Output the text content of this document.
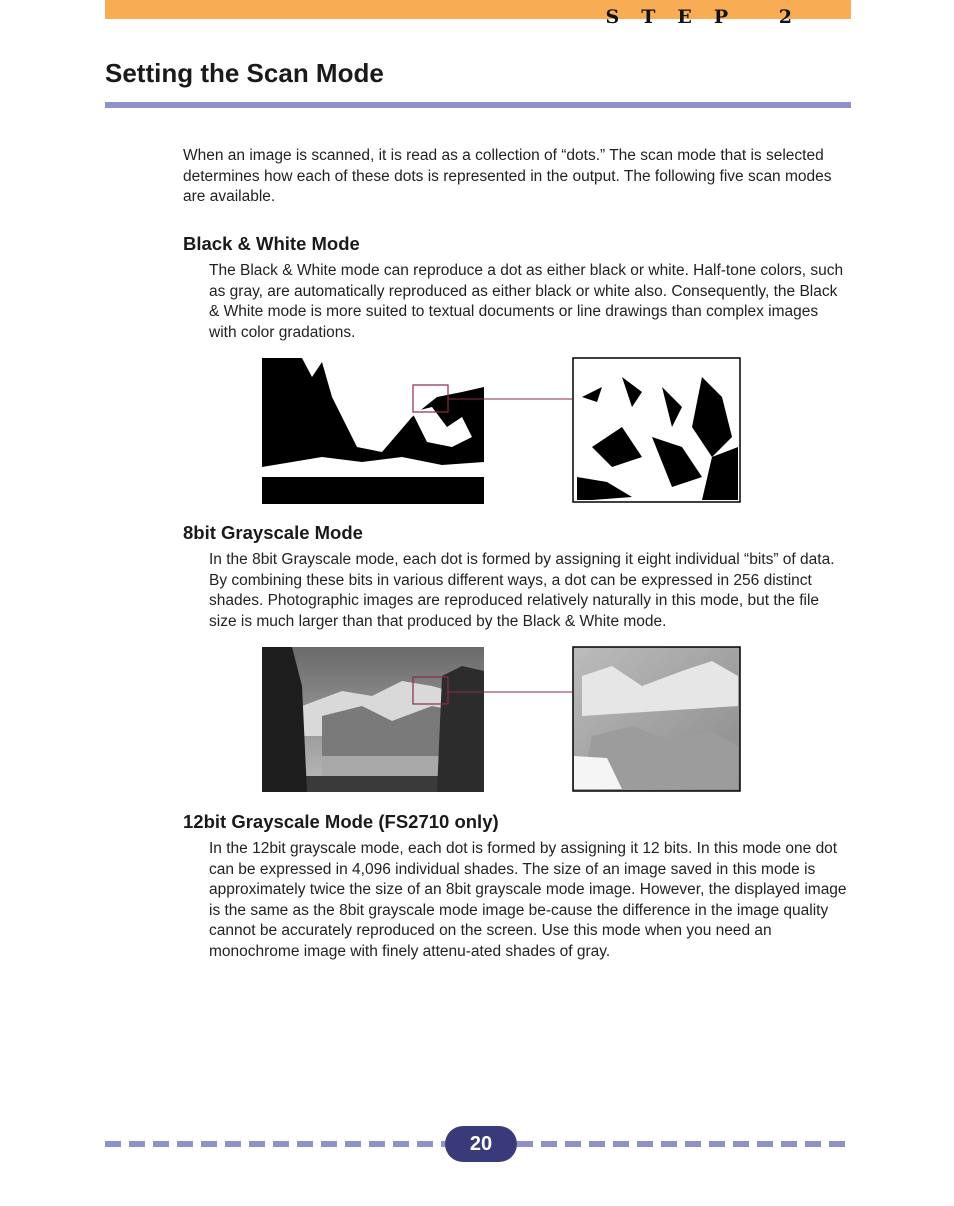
STEP 2
Setting the Scan Mode

When an image is scanned, it is read as a collection of “dots.” The scan mode that is selected determines how each of these dots is represented in the output. The following five scan modes are available.

Black & White Mode

The Black & White mode can reproduce a dot as either black or white. Half-tone colors, such as gray, are automatically reproduced as either black or white also. Consequently, the Black & White mode is more suited to textual documents or line drawings than complex images with color gradations.

8bit Grayscale Mode

In the 8bit Grayscale mode, each dot is formed by assigning it eight individual “bits” of data. By combining these bits in various different ways, a dot can be expressed in 256 distinct shades. Photographic images are reproduced relatively naturally in this mode, but the file size is much larger than that produced by the Black & White mode.

12bit Grayscale Mode (FS2710 only)

In the 12bit grayscale mode, each dot is formed by assigning it 12 bits. In this mode one dot can be expressed in 4,096 individual shades. The size of an image saved in this mode is approximately twice the size of an 8bit grayscale mode image. However, the displayed image is the same as the 8bit grayscale mode image be-cause the difference in the image quality cannot be accurately reproduced on the screen. Use this mode when you need an monochrome image with finely attenu-ated shades of gray.

20
